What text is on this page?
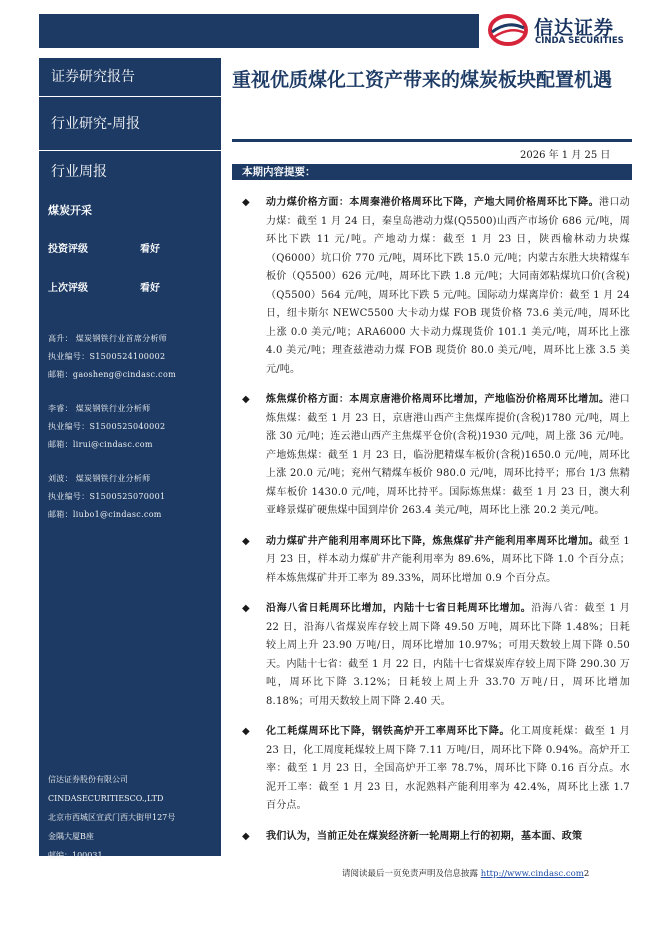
信达证券
CINDA SECURITIES
证券研究报告
行业研究-周报
行业周报
煤炭开采
投资评级	看好
上次评级	看好
高升： 煤炭钢铁行业首席分析师
执业编号：S1500524100002
邮箱：gaosheng@cindasc.com
李睿： 煤炭钢铁行业分析师
执业编号：S1500525040002
邮箱：lirui@cindasc.com
刘波： 煤炭钢铁行业分析师
执业编号：S1500525070001
邮箱：liubo1@cindasc.com
信达证券股份有限公司
CINDASECURITIESCO.,LTD
北京市西城区宣武门西大街甲127号
金隅大厦B座
邮编：100031
重视优质煤化工资产带来的煤炭板块配置机遇
2026 年 1 月 25 日
本期内容提要：
◆ 动力煤价格方面：本周秦港价格周环比下降，产地大同价格周环比下降。港口动力煤：截至 1 月 24 日，秦皇岛港动力煤(Q5500)山西产市场价 686 元/吨，周环比下跌 11 元/吨。产地动力煤：截至 1 月 23 日，陕西榆林动力块煤（Q6000）坑口价 770 元/吨，周环比下跌 15.0 元/吨；内蒙古东胜大块精煤车板价（Q5500）626 元/吨，周环比下跌 1.8 元/吨；大同南郊粘煤坑口价(含税)（Q5500）564 元/吨，周环比下跌 5 元/吨。国际动力煤离岸价：截至 1 月 24 日，纽卡斯尔 NEWC5500 大卡动力煤 FOB 现货价格 73.6 美元/吨，周环比上涨 0.0 美元/吨；ARA6000 大卡动力煤现货价 101.1 美元/吨，周环比上涨 4.0 美元/吨；理查兹港动力煤 FOB 现货价 80.0 美元/吨，周环比上涨 3.5 美元/吨。
◆ 炼焦煤价格方面：本周京唐港价格周环比增加，产地临汾价格周环比增加。港口炼焦煤：截至 1 月 23 日，京唐港山西产主焦煤库提价(含税)1780 元/吨，周上涨 30 元/吨；连云港山西产主焦煤平仓价(含税)1930 元/吨，周上涨 36 元/吨。产地炼焦煤：截至 1 月 23 日，临汾肥精煤车板价(含税)1650.0 元/吨，周环比上涨 20.0 元/吨；兖州气精煤车板价 980.0 元/吨，周环比持平；邢台 1/3 焦精煤车板价 1430.0 元/吨，周环比持平。国际炼焦煤：截至 1 月 23 日，澳大利亚峰景煤矿硬焦煤中国到岸价 263.4 美元/吨，周环比上涨 20.2 美元/吨。
◆ 动力煤矿井产能利用率周环比下降，炼焦煤矿井产能利用率周环比增加。截至 1 月 23 日，样本动力煤矿井产能利用率为 89.6%，周环比下降 1.0 个百分点；样本炼焦煤矿井开工率为 89.33%，周环比增加 0.9 个百分点。
◆ 沿海八省日耗周环比增加，内陆十七省日耗周环比增加。沿海八省：截至 1 月 22 日，沿海八省煤炭库存较上周下降 49.50 万吨，周环比下降 1.48%；日耗较上周上升 23.90 万吨/日，周环比增加 10.97%；可用天数较上周下降 0.50 天。内陆十七省：截至 1 月 22 日，内陆十七省煤炭库存较上周下降 290.30 万吨，周环比下降 3.12%；日耗较上周上升 33.70 万吨/日，周环比增加 8.18%；可用天数较上周下降 2.40 天。
◆ 化工耗煤周环比下降，钢铁高炉开工率周环比下降。化工周度耗煤：截至 1 月 23 日，化工周度耗煤较上周下降 7.11 万吨/日，周环比下降 0.94%。高炉开工率：截至 1 月 23 日，全国高炉开工率 78.7%，周环比下降 0.16 百分点。水泥开工率：截至 1 月 23 日，水泥熟料产能利用率为 42.4%，周环比上涨 1.7 百分点。
◆ 我们认为，当前正处在煤炭经济新一轮周期上行的初期，基本面、政策
请阅读最后一页免责声明及信息披露 http://www.cindasc.com2
